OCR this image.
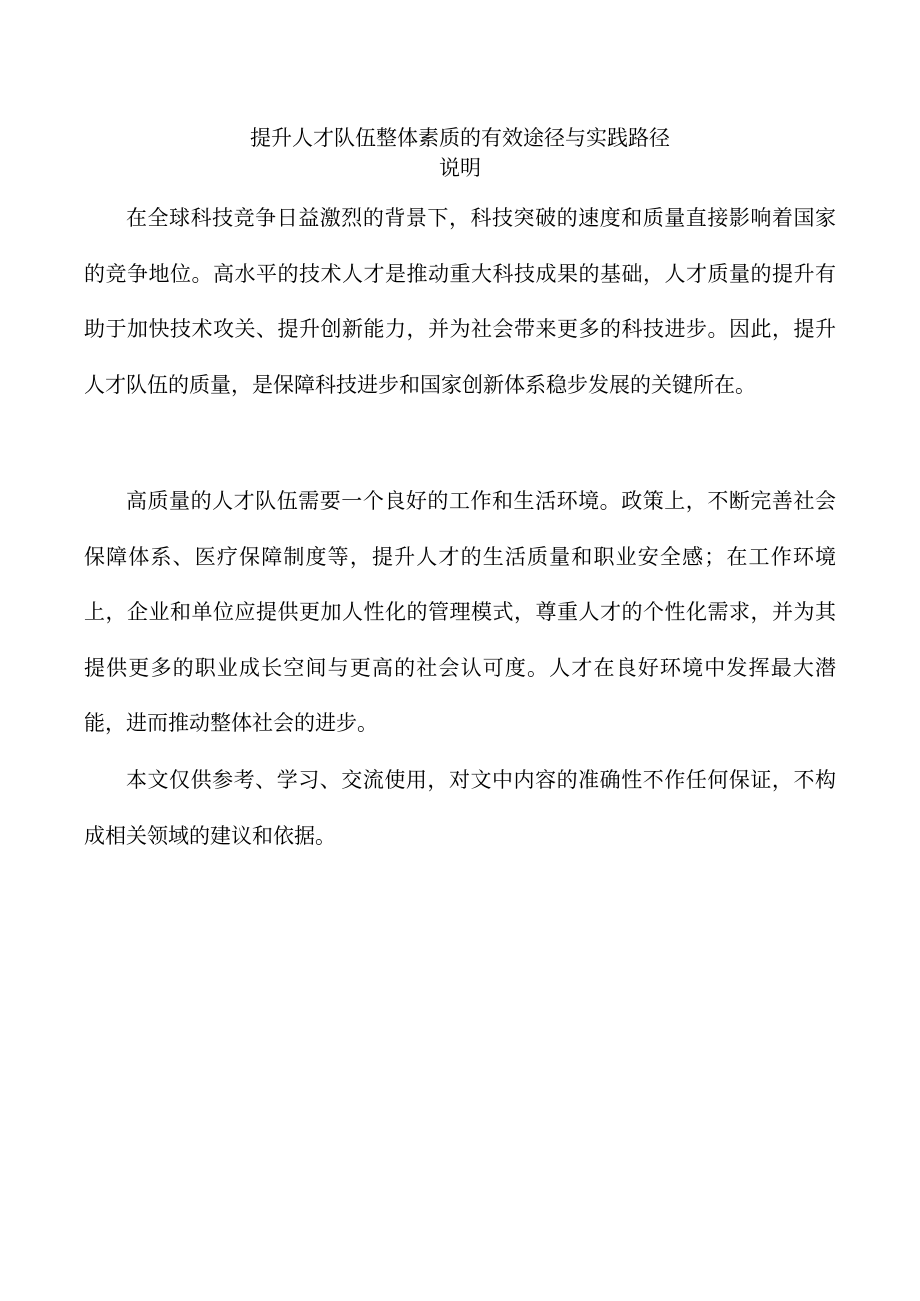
提升人才队伍整体素质的有效途径与实践路径
说明

在全球科技竞争日益激烈的背景下，科技突破的速度和质量直接影响着国家的竞争地位。高水平的技术人才是推动重大科技成果的基础，人才质量的提升有助于加快技术攻关、提升创新能力，并为社会带来更多的科技进步。因此，提升人才队伍的质量，是保障科技进步和国家创新体系稳步发展的关键所在。

高质量的人才队伍需要一个良好的工作和生活环境。政策上，不断完善社会保障体系、医疗保障制度等，提升人才的生活质量和职业安全感；在工作环境上，企业和单位应提供更加人性化的管理模式，尊重人才的个性化需求，并为其提供更多的职业成长空间与更高的社会认可度。人才在良好环境中发挥最大潜能，进而推动整体社会的进步。

本文仅供参考、学习、交流使用，对文中内容的准确性不作任何保证，不构成相关领域的建议和依据。
